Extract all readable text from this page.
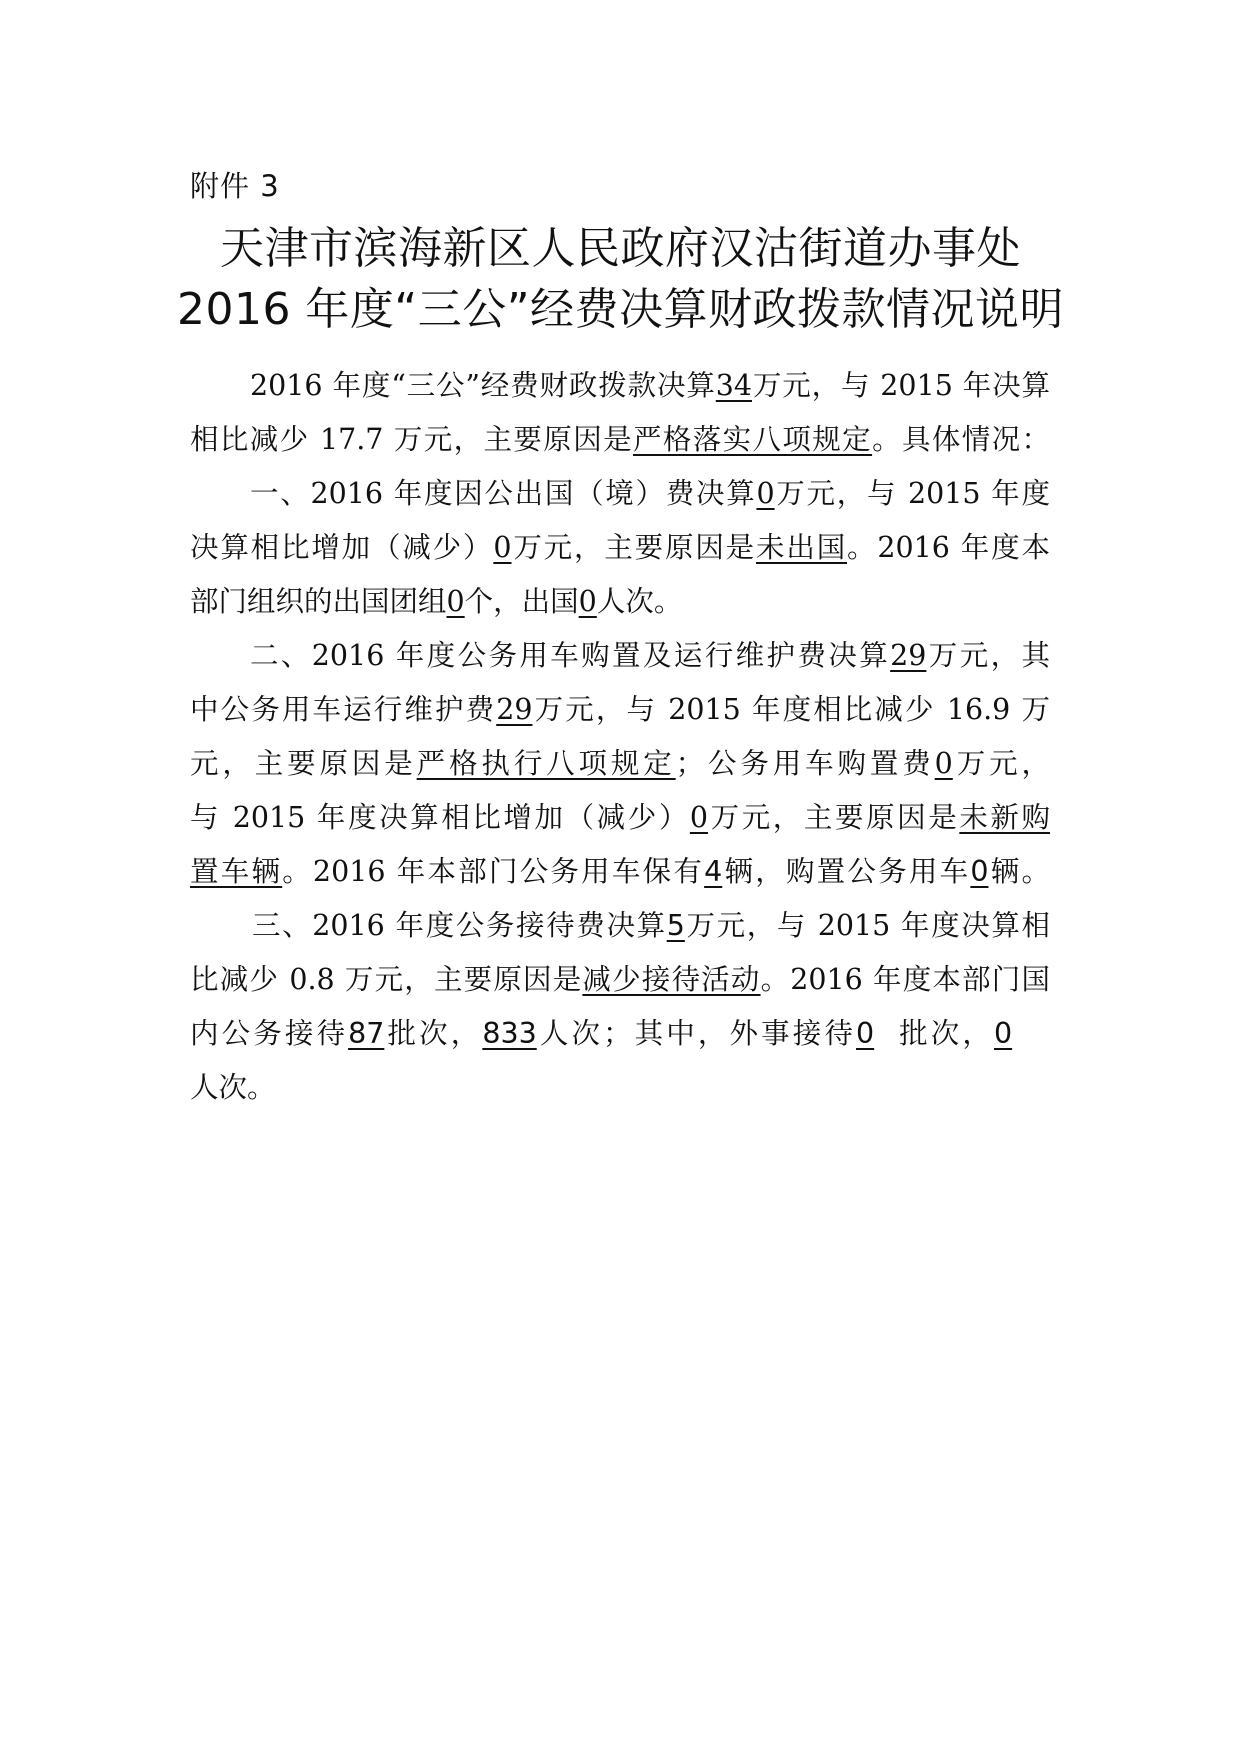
附件 3
天津市滨海新区人民政府汉沽街道办事处
2016 年度“三公”经费决算财政拨款情况说明
2016 年度“三公”经费财政拨款决算34万元，与 2015 年决算
相比减少 17.7 万元，主要原因是严格落实八项规定。具体情况：
一、2016 年度因公出国（境）费决算0万元，与 2015 年度
决算相比增加（减少）0万元，主要原因是未出国。2016 年度本
部门组织的出国团组0个，出国0人次。
二、2016 年度公务用车购置及运行维护费决算29万元，其
中公务用车运行维护费29万元，与 2015 年度相比减少 16.9 万
元，主要原因是严格执行八项规定；公务用车购置费0万元，
与 2015 年度决算相比增加（减少）0万元，主要原因是未新购
置车辆。2016 年本部门公务用车保有4辆，购置公务用车0辆。
三、2016 年度公务接待费决算5万元，与 2015 年度决算相
比减少 0.8 万元，主要原因是减少接待活动。2016 年度本部门国
内公务接待87批次，833人次；其中，外事接待0 批次，0
人次。
